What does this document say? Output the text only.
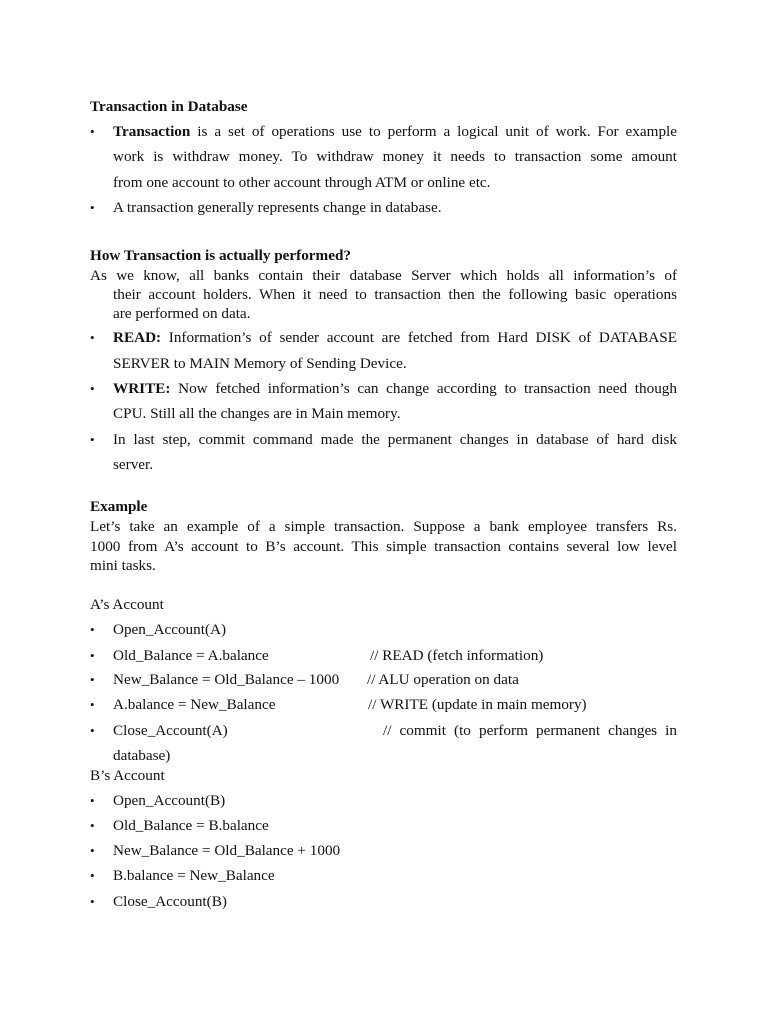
Transaction in Database
• Transaction is a set of operations use to perform a logical unit of work. For example
work is withdraw money. To withdraw money it needs to transaction some amount
from one account to other account through ATM or online etc.
• A transaction generally represents change in database.
How Transaction is actually performed?
As we know, all banks contain their database Server which holds all information’s of
their account holders. When it need to transaction then the following basic operations
are performed on data.
• READ: Information’s of sender account are fetched from Hard DISK of DATABASE
SERVER to MAIN Memory of Sending Device.
• WRITE: Now fetched information’s can change according to transaction need though
CPU. Still all the changes are in Main memory.
• In last step, commit command made the permanent changes in database of hard disk
server.
Example
Let’s take an example of a simple transaction. Suppose a bank employee transfers Rs.
1000 from A’s account to B’s account. This simple transaction contains several low level
mini tasks.
A’s Account
• Open_Account(A)
• Old_Balance = A.balance	// READ (fetch information)
• New_Balance = Old_Balance – 1000 // ALU operation on data
• A.balance = New_Balance	// WRITE (update in main memory)
• Close_Account(A)	// commit (to perform permanent changes in
database)
B’s Account
• Open_Account(B)
• Old_Balance = B.balance
• New_Balance = Old_Balance + 1000
• B.balance = New_Balance
• Close_Account(B)
